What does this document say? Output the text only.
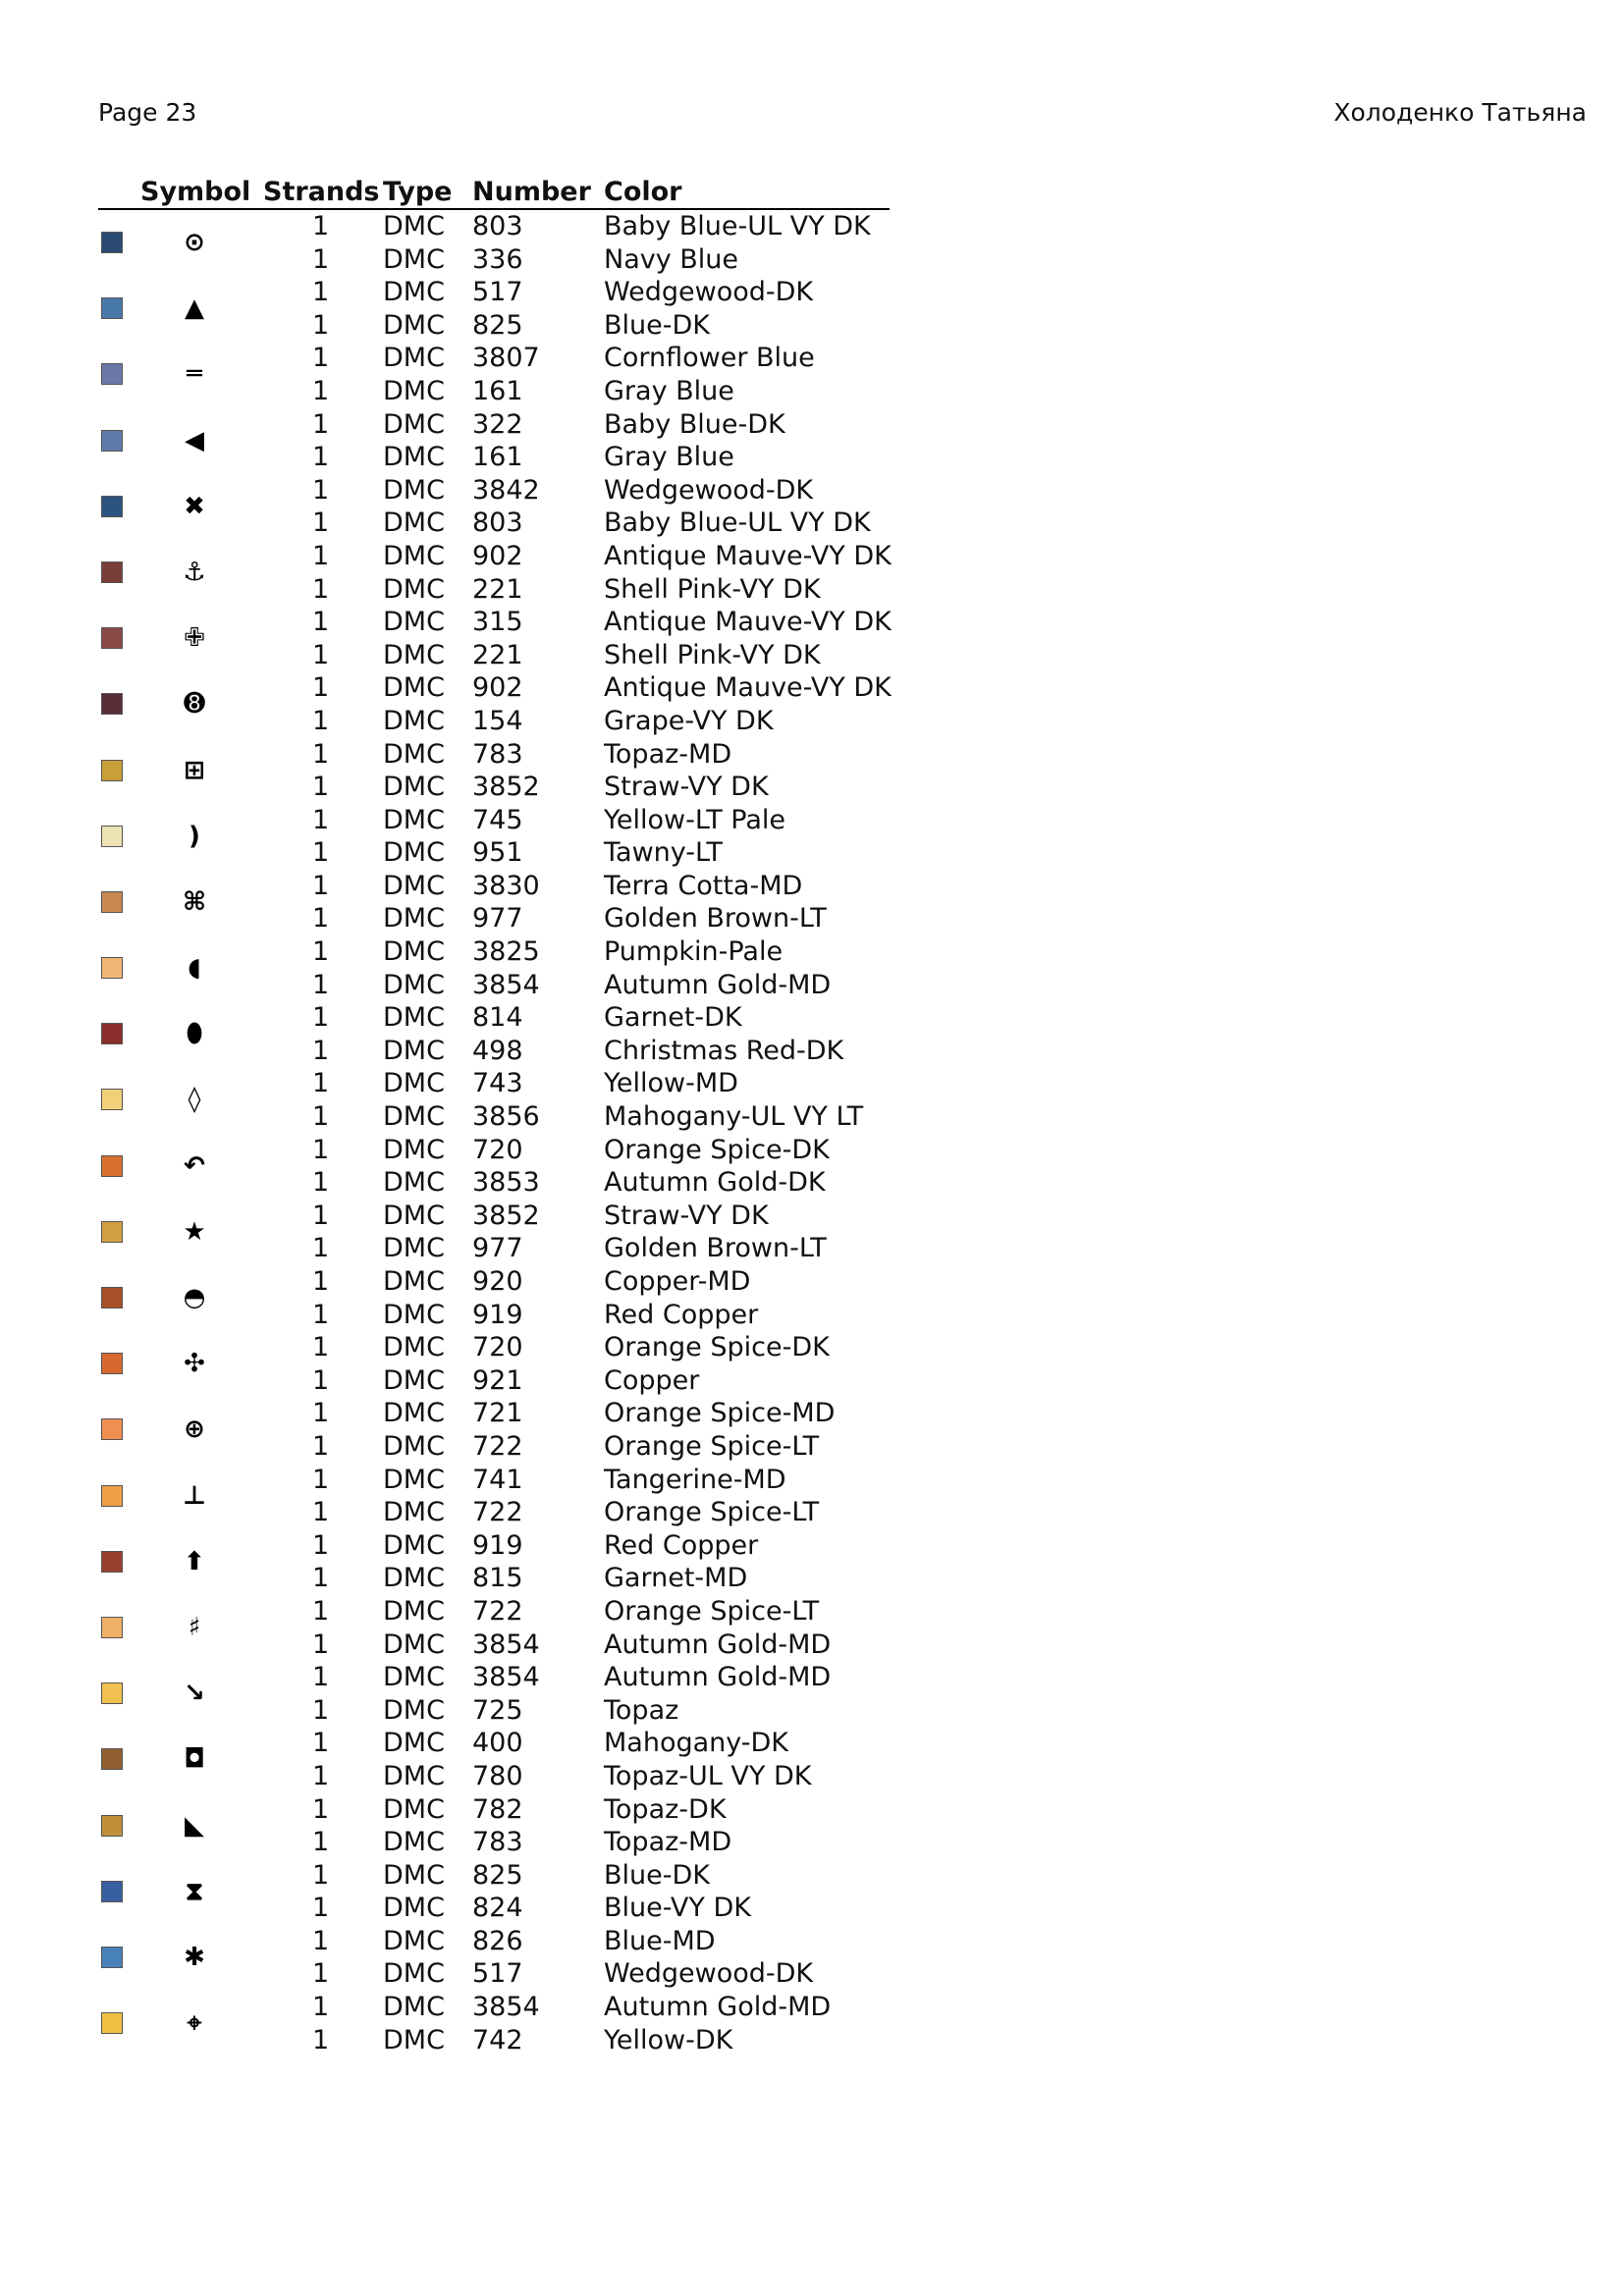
Page 23	Холоденко Татьяна
Symbol Strands Type Number Color
⊙
1 DMC 803	Baby Blue-UL VY DK
1 DMC 336	Navy Blue
▲
1 DMC 517	Wedgewood-DK
1 DMC 825	Blue-DK
═
1 DMC 3807 Cornflower Blue
1 DMC 161	Gray Blue
◀
1 DMC 322	Baby Blue-DK
1 DMC 161	Gray Blue
✖
1 DMC 3842 Wedgewood-DK
1 DMC 803	Baby Blue-UL VY DK
⚓
1 DMC 902	Antique Mauve-VY DK
1 DMC 221	Shell Pink-VY DK
✙
1 DMC 315	Antique Mauve-VY DK
1 DMC 221	Shell Pink-VY DK
➑
1 DMC 902	Antique Mauve-VY DK
1 DMC 154	Grape-VY DK
⊞
1 DMC 783	Topaz-MD
1 DMC 3852 Straw-VY DK
)
1 DMC 745	Yellow-LT Pale
1 DMC 951	Tawny-LT
⌘
1 DMC 3830 Terra Cotta-MD
1 DMC 977	Golden Brown-LT
◖
1 DMC 3825 Pumpkin-Pale
1 DMC 3854 Autumn Gold-MD
⬮
1 DMC 814	Garnet-DK
1 DMC 498	Christmas Red-DK
◊
1 DMC 743	Yellow-MD
1 DMC 3856 Mahogany-UL VY LT
↶
1 DMC 720	Orange Spice-DK
1 DMC 3853 Autumn Gold-DK
★
1 DMC 3852 Straw-VY DK
1 DMC 977	Golden Brown-LT
◓
1 DMC 920	Copper-MD
1 DMC 919	Red Copper
✣
1 DMC 720	Orange Spice-DK
1 DMC 921	Copper
⊕
1 DMC 721	Orange Spice-MD
1 DMC 722	Orange Spice-LT
⊥
1 DMC 741	Tangerine-MD
1 DMC 722	Orange Spice-LT
⬆
1 DMC 919	Red Copper
1 DMC 815	Garnet-MD
♯
1 DMC 722	Orange Spice-LT
1 DMC 3854 Autumn Gold-MD
↘
1 DMC 3854 Autumn Gold-MD
1 DMC 725	Topaz
◘
1 DMC 400	Mahogany-DK
1 DMC 780	Topaz-UL VY DK
◣
1 DMC 782	Topaz-DK
1 DMC 783	Topaz-MD
⧗
1 DMC 825	Blue-DK
1 DMC 824	Blue-VY DK
✱
1 DMC 826	Blue-MD
1 DMC 517	Wedgewood-DK
⌖
1 DMC 3854 Autumn Gold-MD
1 DMC 742	Yellow-DK
